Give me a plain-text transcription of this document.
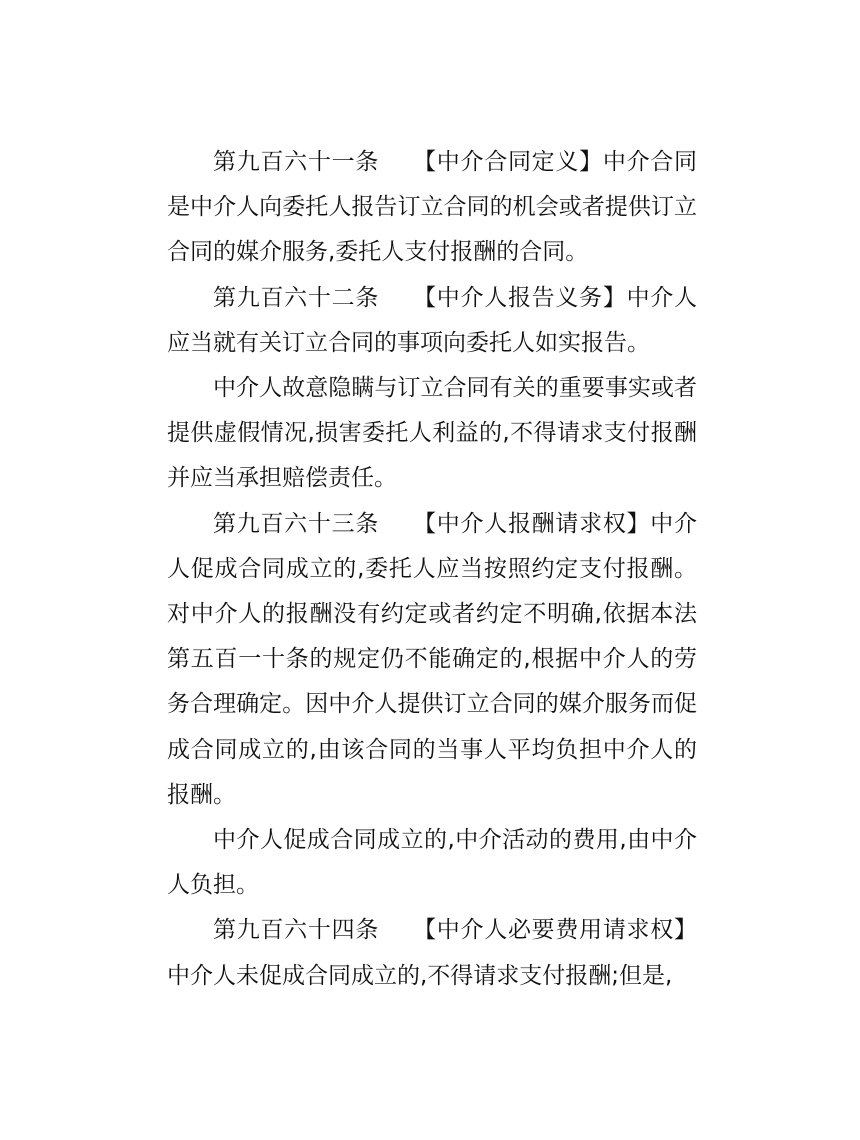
第九百六十一条 【中介合同定义】中介合同是中介人向委托人报告订立合同的机会或者提供订立合同的媒介服务,委托人支付报酬的合同。

第九百六十二条 【中介人报告义务】中介人应当就有关订立合同的事项向委托人如实报告。

中介人故意隐瞒与订立合同有关的重要事实或者提供虚假情况,损害委托人利益的,不得请求支付报酬并应当承担赔偿责任。

第九百六十三条 【中介人报酬请求权】中介人促成合同成立的,委托人应当按照约定支付报酬。对中介人的报酬没有约定或者约定不明确,依据本法第五百一十条的规定仍不能确定的,根据中介人的劳务合理确定。因中介人提供订立合同的媒介服务而促成合同成立的,由该合同的当事人平均负担中介人的报酬。

中介人促成合同成立的,中介活动的费用,由中介人负担。

第九百六十四条 【中介人必要费用请求权】中介人未促成合同成立的,不得请求支付报酬;但是,
